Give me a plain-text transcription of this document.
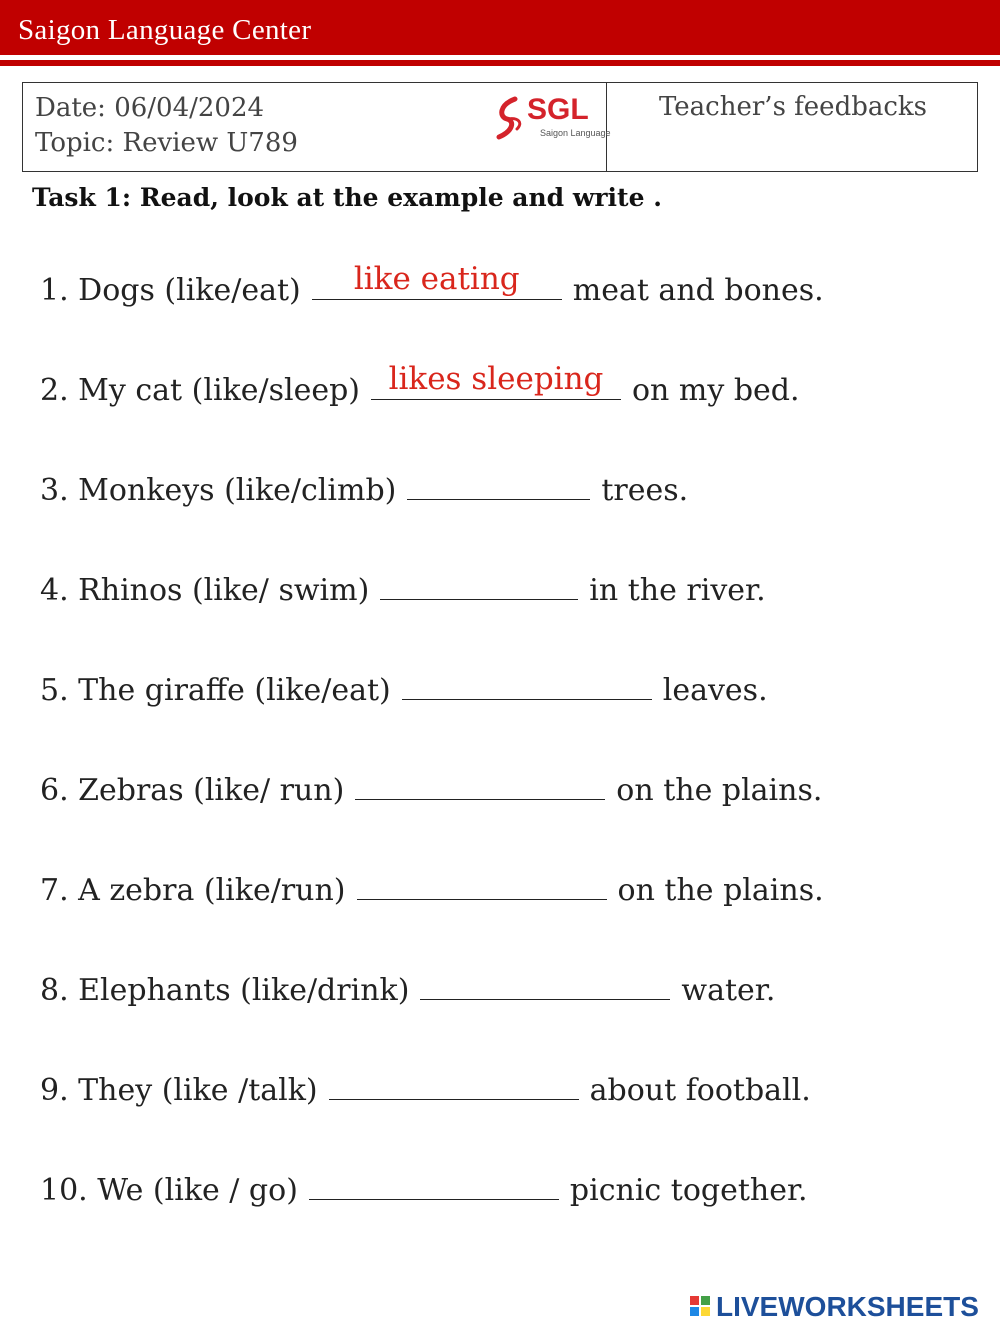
Saigon Language Center
Date: 06/04/2024
Topic: Review U789
SGL
Saigon Language
Teacher’s feedbacks
Task 1: Read, look at the example and write .
1. Dogs (like/eat)	like eating	meat and bones.
2. My cat (like/sleep) likes sleeping on my bed.
3. Monkeys (like/climb)	trees.
4. Rhinos (like/ swim)	in the river.
5. The giraffe (like/eat)	leaves.
6. Zebras (like/ run)	on the plains.
7. A zebra (like/run)	on the plains.
8. Elephants (like/drink)	water.
9. They (like /talk)	about football.
10. We (like / go)	picnic together.
LIVEWORKSHEETS
